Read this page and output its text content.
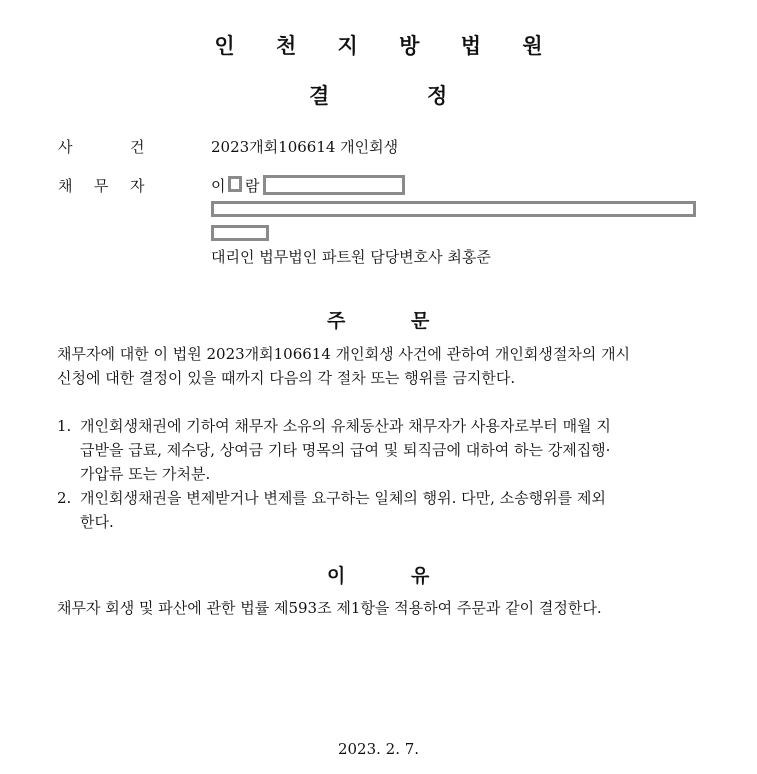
인 천 지 방 법 원
결	정
사	건	2023개회106614 개인회생
채 무 자	이 람
대리인 법무법인 파트원 담당변호사 최홍준
주	문
채무자에 대한 이 법원 2023개회106614 개인회생 사건에 관하여 개인회생절차의 개시
신청에 대한 결정이 있을 때까지 다음의 각 절차 또는 행위를 금지한다.
1. 개인회생채권에 기하여 채무자 소유의 유체동산과 채무자가 사용자로부터 매월 지
급받을 급료, 제수당, 상여금 기타 명목의 급여 및 퇴직금에 대하여 하는 강제집행·
가압류 또는 가처분.
2. 개인회생채권을 변제받거나 변제를 요구하는 일체의 행위. 다만, 소송행위를 제외
한다.
이	유
채무자 회생 및 파산에 관한 법률 제593조 제1항을 적용하여 주문과 같이 결정한다.
2023. 2. 7.
